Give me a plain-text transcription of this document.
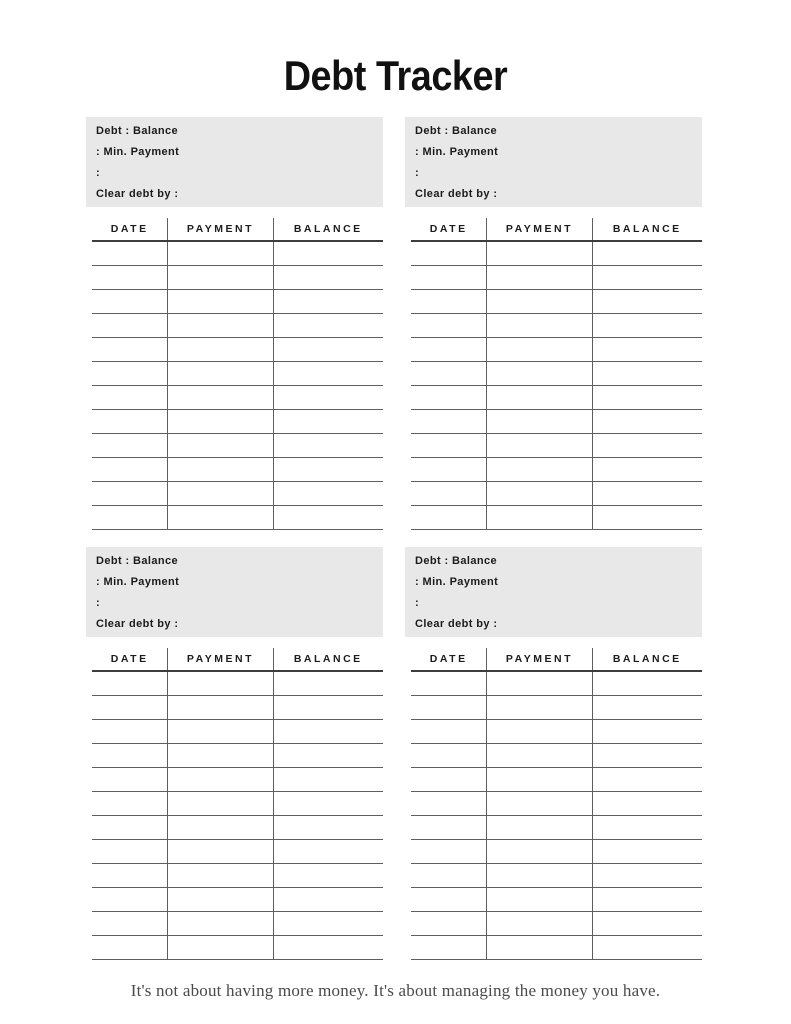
Debt Tracker
Debt : Balance
: Min. Payment
:
Clear debt by :
DATE	PAYMENT	BALANCE
Debt : Balance
: Min. Payment
:
Clear debt by :
DATE	PAYMENT	BALANCE
Debt : Balance
: Min. Payment
:
Clear debt by :
DATE	PAYMENT	BALANCE
Debt : Balance
: Min. Payment
:
Clear debt by :
DATE	PAYMENT	BALANCE
It's not about having more money. It's about managing the money you have.
